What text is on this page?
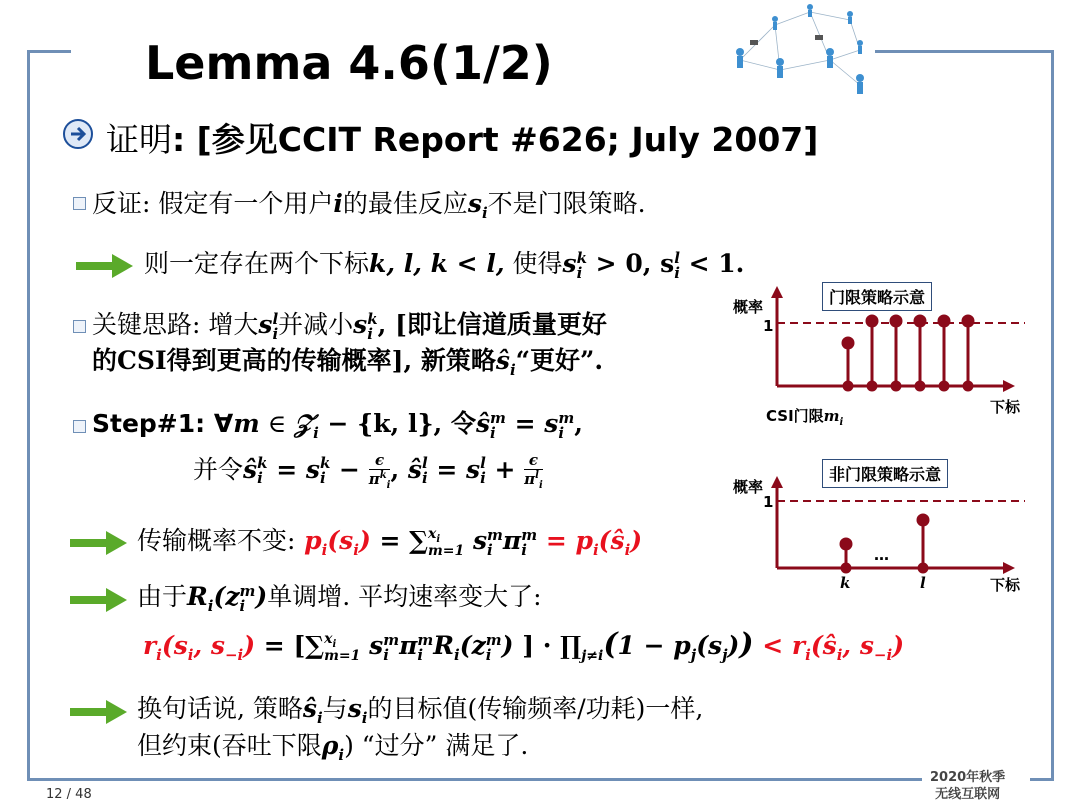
Lemma 4.6(1/2)
证明: [参见CCIT Report #626; July 2007]
反证: 假定有一个用户i的最佳反应$s_i$不是门限策略.
则一定存在两个下标k, l, k < l, 使得s k
i > 0, s l
i < 1.
关键思路: 增大s l
i 并减小s k
i , [即让信道质量更好
的CSI得到更高的传输概率], 新策略$ŝ_i“$更好”.
Step#1: ∀m ∈ 𝒵$_i$ − {k, l}, 令ŝ m
i = s m
i ,
并令ŝ k
i = s k
i − ϵ
$\pi^k_i$
, ŝ l
i = s l
i + ϵ
$\pi^l_i$
传输概率不变: $p_i(s_i)$ = ∑ $x_i$
m=1 s m
i π m
$i = p_i(ŝ_i)$
由于$R_i(z$ m
i )单调增. 平均速率变大了:
$r_i(s_i$, $s_{-i}$) = [∑ $x_i$
m=1 s m
i π m
i $R_i(z$ m
i ) ] · $\prod_{j\ne i}(1 - p_j(s_j))$ < $r_i(ŝ_i$, $s_{-i}$)
换句话说, 策略$ŝ_i$与$s_i$的目标值(传输频率/功耗)一样,
但约束(吞吐下限$\rho_i$) “过分” 满足了.
门限策略示意
概率
1
下标
CSI门限$m_i$
非门限策略示意
概率
1
…
k	l	下标
12 / 48
2020年秋季
无线互联网
